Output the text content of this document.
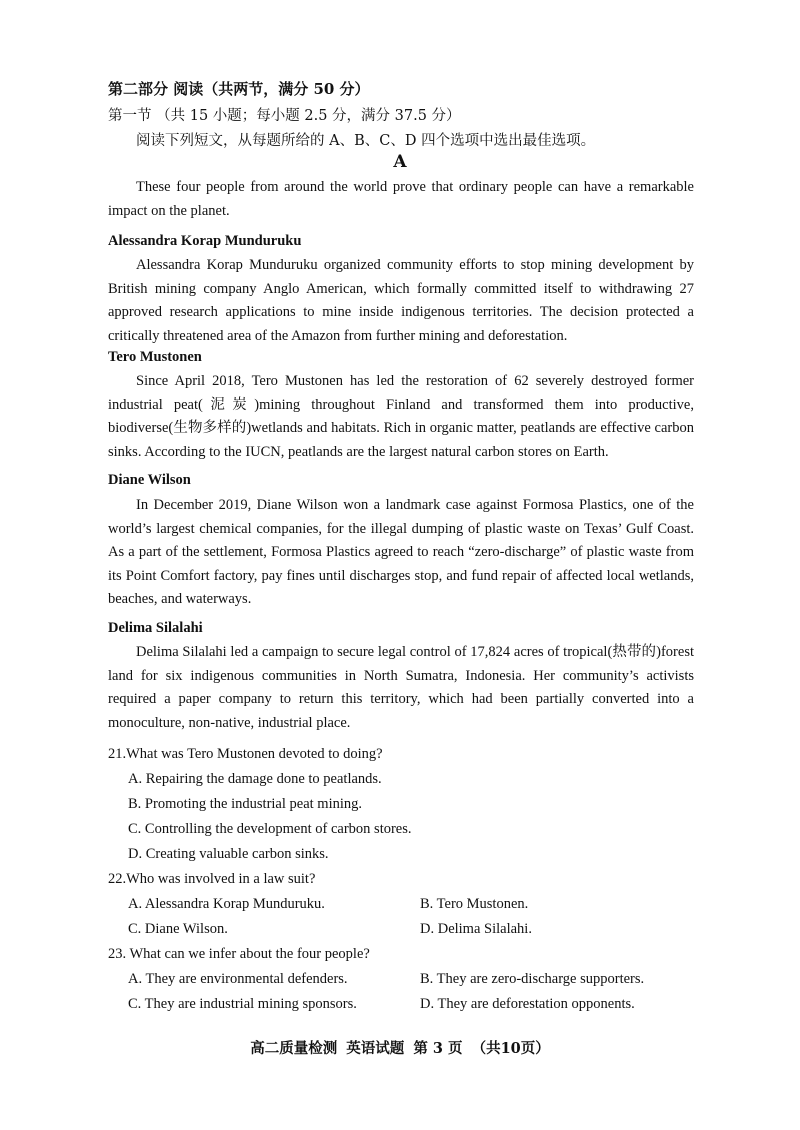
第二部分 阅读（共两节，满分 50 分）
第一节 （共 15 小题；每小题 2.5 分，满分 37.5 分）
阅读下列短文，从每题所给的 A、B、C、D 四个选项中选出最佳选项。
A
These four people from around the world prove that ordinary people can have a remarkable impact on the planet.
Alessandra Korap Munduruku
Alessandra Korap Munduruku organized community efforts to stop mining development by British mining company Anglo American, which formally committed itself to withdrawing 27 approved research applications to mine inside indigenous territories. The decision protected a critically threatened area of the Amazon from further mining and deforestation.
Tero Mustonen
Since April 2018, Tero Mustonen has led the restoration of 62 severely destroyed former industrial peat(泥炭)mining throughout Finland and transformed them into productive, biodiverse(生物多样的)wetlands and habitats. Rich in organic matter, peatlands are effective carbon sinks. According to the IUCN, peatlands are the largest natural carbon stores on Earth.
Diane Wilson
In December 2019, Diane Wilson won a landmark case against Formosa Plastics, one of the world’s largest chemical companies, for the illegal dumping of plastic waste on Texas’ Gulf Coast. As a part of the settlement, Formosa Plastics agreed to reach “zero-discharge” of plastic waste from its Point Comfort factory, pay fines until discharges stop, and fund repair of affected local wetlands, beaches, and waterways.
Delima Silalahi
Delima Silalahi led a campaign to secure legal control of 17,824 acres of tropical(热带的)forest land for six indigenous communities in North Sumatra, Indonesia. Her community’s activists required a paper company to return this territory, which had been partially converted into a monoculture, non-native, industrial place.
21.What was Tero Mustonen devoted to doing?
A. Repairing the damage done to peatlands.
B. Promoting the industrial peat mining.
C. Controlling the development of carbon stores.
D. Creating valuable carbon sinks.
22.Who was involved in a law suit?
A. Alessandra Korap Munduruku.	B. Tero Mustonen.
C. Diane Wilson.	D. Delima Silalahi.
23. What can we infer about the four people?
A. They are environmental defenders.	B. They are zero-discharge supporters.
C. They are industrial mining sponsors.	D. They are deforestation opponents.
高二质量检测 英语试题 第 3 页 （共10页）
